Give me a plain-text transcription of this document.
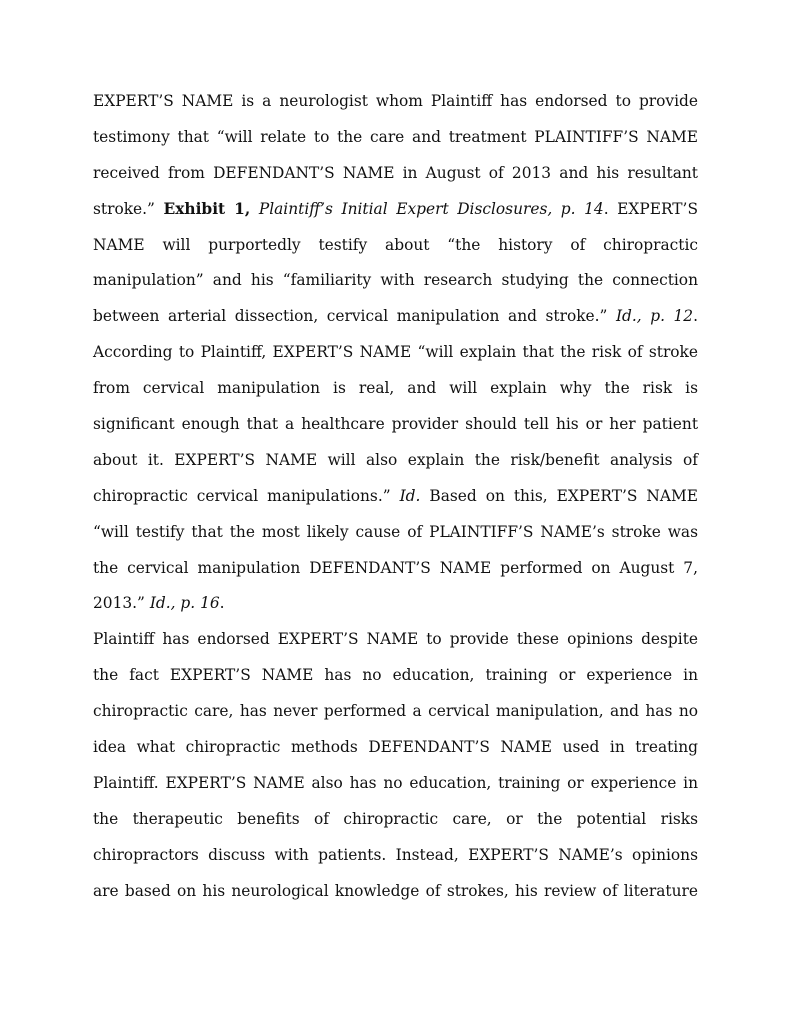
EXPERT’S NAME is a neurologist whom Plaintiff has endorsed to provide
testimony that “will relate to the care and treatment PLAINTIFF’S NAME
received from DEFENDANT’S NAME in August of 2013 and his resultant
stroke.” Exhibit 1, Plaintiff’s Initial Expert Disclosures, p. 14. EXPERT’S
NAME will purportedly testify about “the history of chiropractic
manipulation” and his “familiarity with research studying the connection
between arterial dissection, cervical manipulation and stroke.” Id., p. 12.
According to Plaintiff, EXPERT’S NAME “will explain that the risk of stroke
from cervical manipulation is real, and will explain why the risk is
significant enough that a healthcare provider should tell his or her patient
about it. EXPERT’S NAME will also explain the risk/benefit analysis of
chiropractic cervical manipulations.” Id. Based on this, EXPERT’S NAME
“will testify that the most likely cause of PLAINTIFF’S NAME’s stroke was
the cervical manipulation DEFENDANT’S NAME performed on August 7,
2013.” Id., p. 16.
Plaintiff has endorsed EXPERT’S NAME to provide these opinions despite
the fact EXPERT’S NAME has no education, training or experience in
chiropractic care, has never performed a cervical manipulation, and has no
idea what chiropractic methods DEFENDANT’S NAME used in treating
Plaintiff. EXPERT’S NAME also has no education, training or experience in
the therapeutic benefits of chiropractic care, or the potential risks
chiropractors discuss with patients. Instead, EXPERT’S NAME’s opinions
are based on his neurological knowledge of strokes, his review of literature
